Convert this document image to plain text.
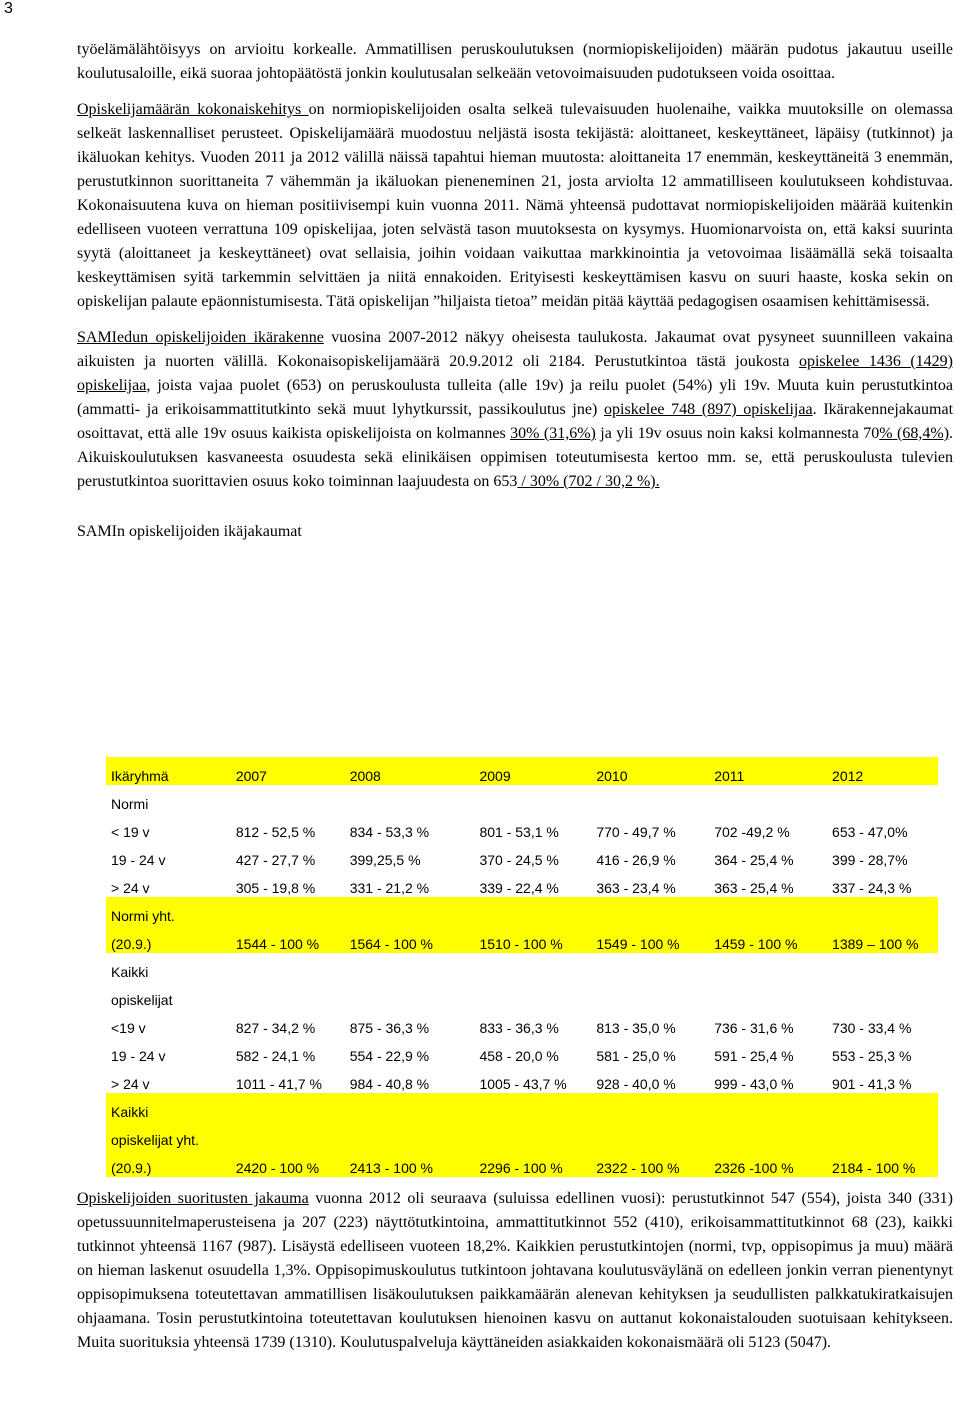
3

työelämälähtöisyys on arvioitu korkealle. Ammatillisen peruskoulutuksen (normiopiskelijoiden) määrän pudotus jakautuu useille koulutusaloille, eikä suoraa johtopäätöstä jonkin koulutusalan selkeään vetovoimaisuuden pudotukseen voida osoittaa.

Opiskelijamäärän kokonaiskehitys on normiopiskelijoiden osalta selkeä tulevaisuuden huolenaihe, vaikka muutoksille on olemassa selkeät laskennalliset perusteet. Opiskelijamäärä muodostuu neljästä isosta tekijästä: aloittaneet, keskeyttäneet, läpäisy (tutkinnot) ja ikäluokan kehitys. Vuoden 2011 ja 2012 välillä näissä tapahtui hieman muutosta: aloittaneita 17 enemmän, keskeyttäneitä 3 enemmän, perustutkinnon suorittaneita 7 vähemmän ja ikäluokan pieneneminen 21, josta arviolta 12 ammatilliseen koulutukseen kohdistuvaa. Kokonaisuutena kuva on hieman positiivisempi kuin vuonna 2011. Nämä yhteensä pudottavat normiopiskelijoiden määrää kuitenkin edelliseen vuoteen verrattuna 109 opiskelijaa, joten selvästä tason muutoksesta on kysymys. Huomionarvoista on, että kaksi suurinta syytä (aloittaneet ja keskeyttäneet) ovat sellaisia, joihin voidaan vaikuttaa markkinointia ja vetovoimaa lisäämällä sekä toisaalta keskeyttämisen syitä tarkemmin selvittäen ja niitä ennakoiden. Erityisesti keskeyttämisen kasvu on suuri haaste, koska sekin on opiskelijan palaute epäonnistumisesta. Tätä opiskelijan ”hiljaista tietoa” meidän pitää käyttää pedagogisen osaamisen kehittämisessä.

SAMIedun opiskelijoiden ikärakenne vuosina 2007-2012 näkyy oheisesta taulukosta. Jakaumat ovat pysyneet suunnilleen vakaina aikuisten ja nuorten välillä. Kokonaisopiskelijamäärä 20.9.2012 oli 2184. Perustutkintoa tästä joukosta opiskelee 1436 (1429) opiskelijaa, joista vajaa puolet (653) on peruskoulusta tulleita (alle 19v) ja reilu puolet (54%) yli 19v. Muuta kuin perustutkintoa (ammatti- ja erikoisammattitutkinto sekä muut lyhytkurssit, passikoulutus jne) opiskelee 748 (897) opiskelijaa. Ikärakennejakaumat osoittavat, että alle 19v osuus kaikista opiskelijoista on kolmannes 30% (31,6%) ja yli 19v osuus noin kaksi kolmannesta 70% (68,4%). Aikuiskoulutuksen kasvaneesta osuudesta sekä elinikäisen oppimisen toteutumisesta kertoo mm. se, että peruskoulusta tulevien perustutkintoa suorittavien osuus koko toiminnan laajuudesta on 653 / 30% (702 / 30,2 %).

SAMIn opiskelijoiden ikäjakaumat
Ikäryhmä	2007	2008	2009	2010	2011	2012
Normi						
< 19 v	812 - 52,5 %	834 - 53,3 %	801 - 53,1 %	770 - 49,7 %	702 -49,2 %	653 - 47,0%
19 - 24 v	427 - 27,7 %	399,25,5 %	370 - 24,5 %	416 - 26,9 %	364 - 25,4 %	399 - 28,7%
> 24 v	305 - 19,8 %	331 - 21,2 %	339 - 22,4 %	363 - 23,4 %	363 - 25,4 %	337 - 24,3 %
Normi yht.						
(20.9.)	1544 - 100 %	1564 - 100 %	1510 - 100 %	1549 - 100 %	1459 - 100 %	1389 – 100 %
Kaikki						
opiskelijat						
<19 v	827 - 34,2 %	875 - 36,3 %	833 - 36,3 %	813 - 35,0 %	736 - 31,6 %	730 - 33,4 %
19 - 24 v	582 - 24,1 %	554 - 22,9 %	458 - 20,0 %	581 - 25,0 %	591 - 25,4 %	553 - 25,3 %
> 24 v	1011 - 41,7 %	984 - 40,8 %	1005 - 43,7 %	928 - 40,0 %	999 - 43,0 %	901 - 41,3 %
Kaikki						
opiskelijat yht.						
(20.9.)	2420 - 100 %	2413 - 100 %	2296 - 100 %	2322 - 100 %	2326 -100 %	2184 - 100 %

Opiskelijoiden suoritusten jakauma vuonna 2012 oli seuraava (suluissa edellinen vuosi): perustutkinnot 547 (554), joista 340 (331) opetussuunnitelmaperusteisena ja 207 (223) näyttötutkintoina, ammattitutkinnot 552 (410), erikoisammattitutkinnot 68 (23), kaikki tutkinnot yhteensä 1167 (987). Lisäystä edelliseen vuoteen 18,2%. Kaikkien perustutkintojen (normi, tvp, oppisopimus ja muu) määrä on hieman laskenut osuudella 1,3%. Oppisopimuskoulutus tutkintoon johtavana koulutusväylänä on edelleen jonkin verran pienentynyt oppisopimuksena toteutettavan ammatillisen lisäkoulutuksen paikkamäärän alenevan kehityksen ja seudullisten palkkatukiratkaisujen ohjaamana. Tosin perustutkintoina toteutettavan koulutuksen hienoinen kasvu on auttanut kokonaistalouden suotuisaan kehitykseen. Muita suorituksia yhteensä 1739 (1310). Koulutuspalveluja käyttäneiden asiakkaiden kokonaismäärä oli 5123 (5047).
